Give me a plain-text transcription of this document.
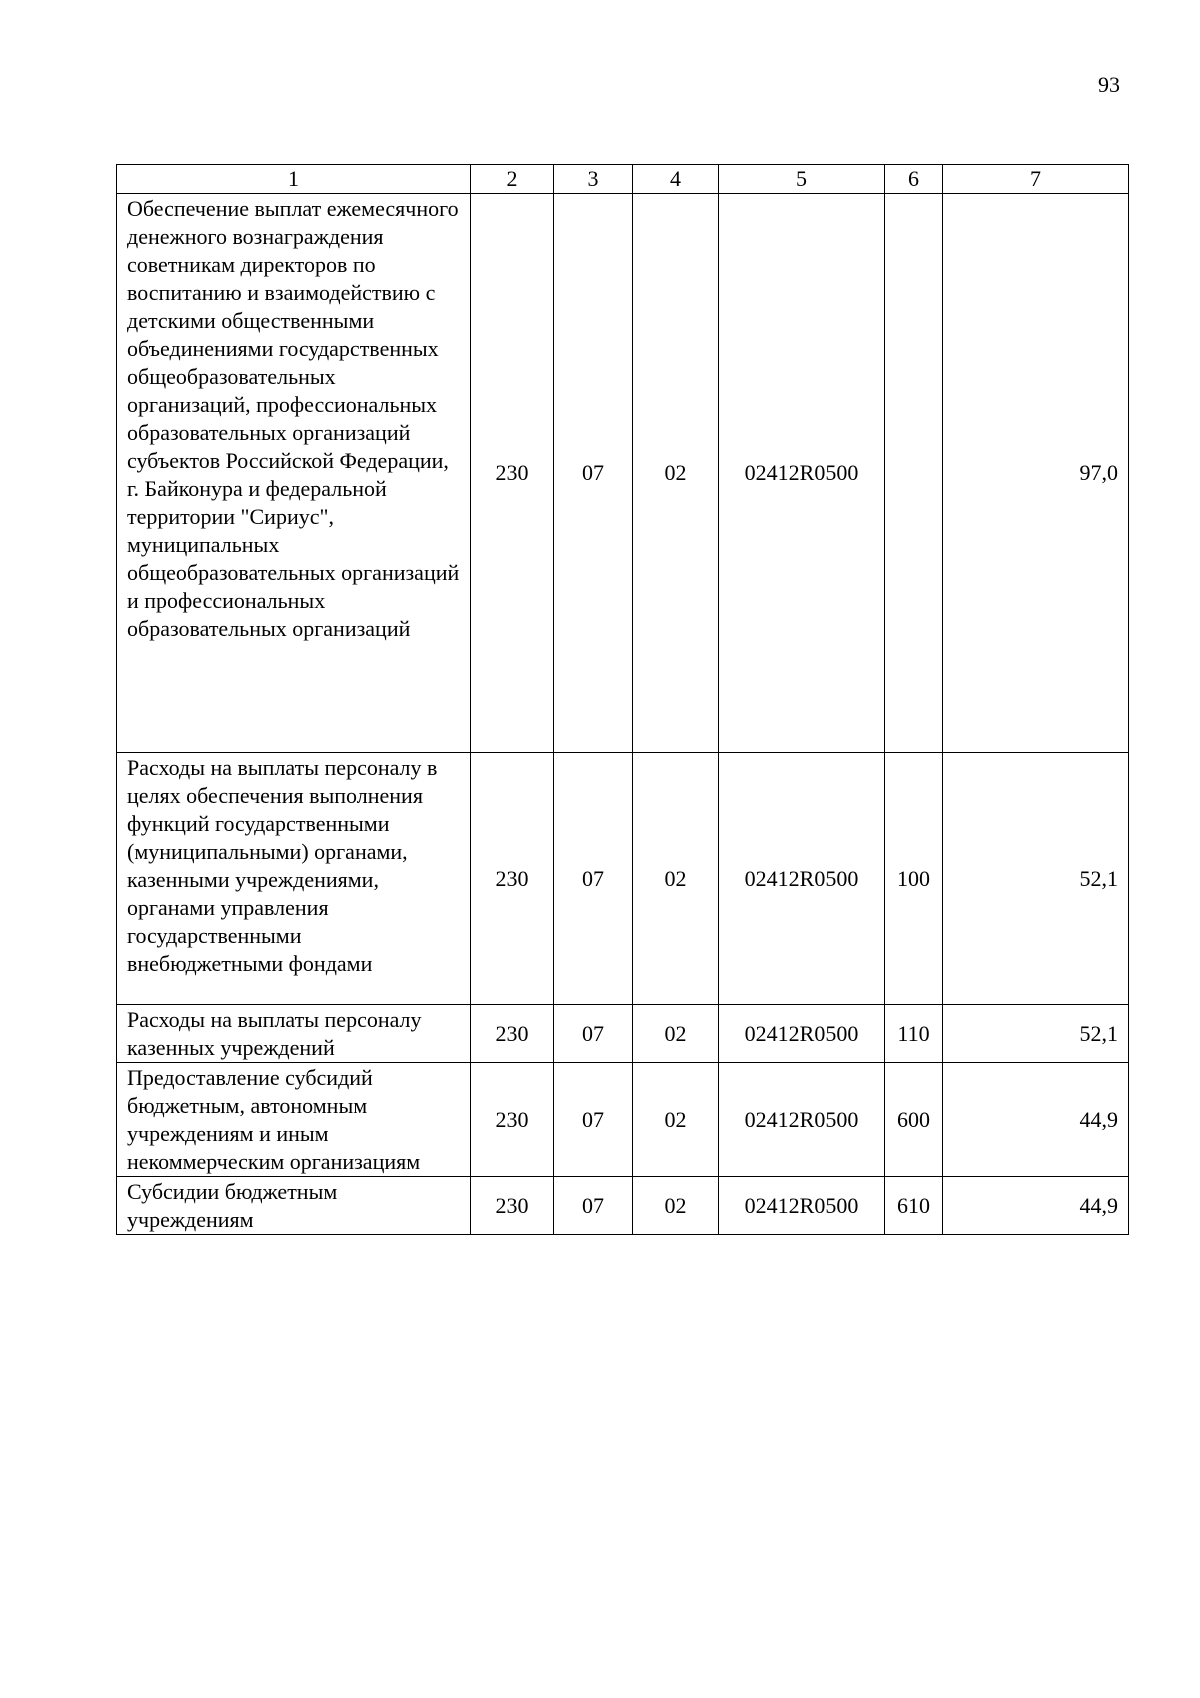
93
1	2	3	4	5	6	7
Обеспечение выплат ежемесячного денежного вознаграждения советникам директоров по воспитанию и взаимодействию с детскими общественными объединениями государственных общеобразовательных организаций, профессиональных образовательных организаций субъектов Российской Федерации, г. Байконура и федеральной территории "Сириус", муниципальных общеобразовательных организаций и профессиональных образовательных организаций	230	07	02	02412R0500		97,0
Расходы на выплаты персоналу в целях обеспечения выполнения функций государственными (муниципальными) органами, казенными учреждениями, органами управления государственными внебюджетными фондами	230	07	02	02412R0500	100	52,1
Расходы на выплаты персоналу казенных учреждений	230	07	02	02412R0500	110	52,1
Предоставление субсидий бюджетным, автономным учреждениям и иным некоммерческим организациям	230	07	02	02412R0500	600	44,9
Субсидии бюджетным учреждениям	230	07	02	02412R0500	610	44,9
